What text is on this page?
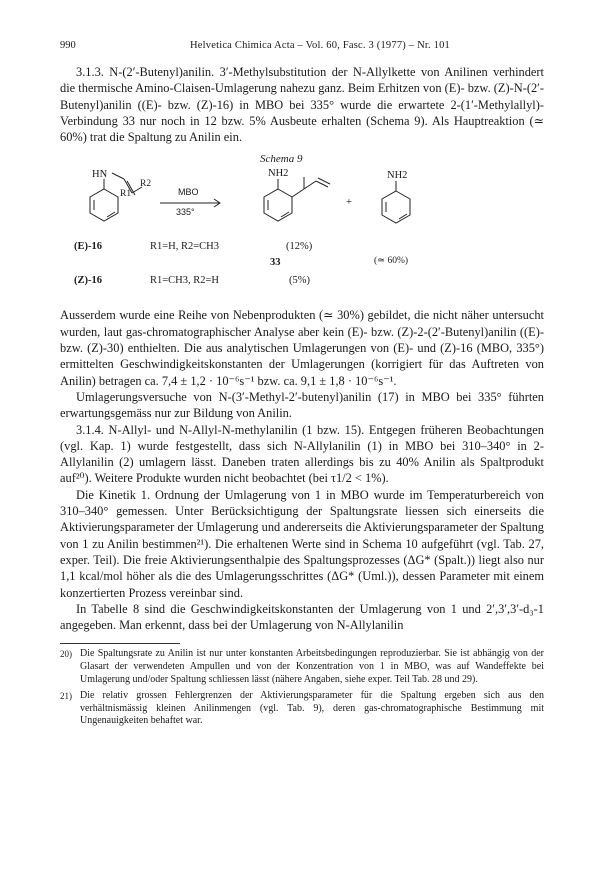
990	Helvetica Chimica Acta – Vol. 60, Fasc. 3 (1977) – Nr. 101

3.1.3. N-(2′-Butenyl)anilin. 3′-Methylsubstitution der N-Allylkette von Anilinen verhindert die thermische Amino-Claisen-Umlagerung nahezu ganz. Beim Erhitzen von (E)- bzw. (Z)-N-(2′-Butenyl)anilin ((E)- bzw. (Z)-16) in MBO bei 335° wurde die erwartete 2-(1′-Methylallyl)-Verbindung 33 nur noch in 12 bzw. 5% Ausbeute erhalten (Schema 9). Als Hauptreaktion (≃ 60%) trat die Spaltung zu Anilin ein.

Schema 9
HN
R1
R2
MBO
335°
NH2
+
NH2
(E)-16	R1=H, R2=CH3	(12%)
33	(≃ 60%)
(Z)-16	R1=CH3, R2=H	(5%)

Ausserdem wurde eine Reihe von Nebenprodukten (≃ 30%) gebildet, die nicht näher untersucht wurden, laut gas-chromatographischer Analyse aber kein (E)- bzw. (Z)-2-(2′-Butenyl)anilin ((E)- bzw. (Z)-30) enthielten. Die aus analytischen Umlagerungen von (E)- und (Z)-16 (MBO, 335°) ermittelten Geschwindigkeitskonstanten der Umlagerungen (korrigiert für das Auftreten von Anilin) betragen ca. 7,4 ± 1,2 · 10⁻⁶s⁻¹ bzw. ca. 9,1 ± 1,8 · 10⁻⁶s⁻¹.

Umlagerungsversuche von N-(3′-Methyl-2′-butenyl)anilin (17) in MBO bei 335° führten erwartungsgemäss nur zur Bildung von Anilin.

3.1.4. N-Allyl- und N-Allyl-N-methylanilin (1 bzw. 15). Entgegen früheren Beobachtungen (vgl. Kap. 1) wurde festgestellt, dass sich N-Allylanilin (1) in MBO bei 310–340° in 2-Allylanilin (2) umlagern lässt. Daneben traten allerdings bis zu 40% Anilin als Spaltprodukt auf²⁰). Weitere Produkte wurden nicht beobachtet (bei τ1/2 < 1%).

Die Kinetik 1. Ordnung der Umlagerung von 1 in MBO wurde im Temperaturbereich von 310–340° gemessen. Unter Berücksichtigung der Spaltungsrate liessen sich einerseits die Aktivierungsparameter der Umlagerung und andererseits die Aktivierungsparameter der Spaltung von 1 zu Anilin bestimmen²¹). Die erhaltenen Werte sind in Schema 10 aufgeführt (vgl. Tab. 27, exper. Teil). Die freie Aktivierungsenthalpie des Spaltungsprozesses (ΔG* (Spalt.)) liegt also nur 1,1 kcal/mol höher als die des Umlagerungsschrittes (ΔG* (Uml.)), dessen Parameter mit einem konzertierten Prozess vereinbar sind.

In Tabelle 8 sind die Geschwindigkeitskonstanten der Umlagerung von 1 und 2′,3′,3′-d₃-1 angegeben. Man erkennt, dass bei der Umlagerung von N-Allylanilin

20) Die Spaltungsrate zu Anilin ist nur unter konstanten Arbeitsbedingungen reproduzierbar. Sie ist abhängig von der Glasart der verwendeten Ampullen und von der Konzentration von 1 in MBO, was auf Wandeffekte bei Umlagerung und/oder Spaltung schliessen lässt (nähere Angaben, siehe exper. Teil Tab. 28 und 29).
21) Die relativ grossen Fehlergrenzen der Aktivierungsparameter für die Spaltung ergeben sich aus den verhältnismässig kleinen Anilinmengen (vgl. Tab. 9), deren gas-chromatographische Bestimmung mit Ungenauigkeiten behaftet war.
